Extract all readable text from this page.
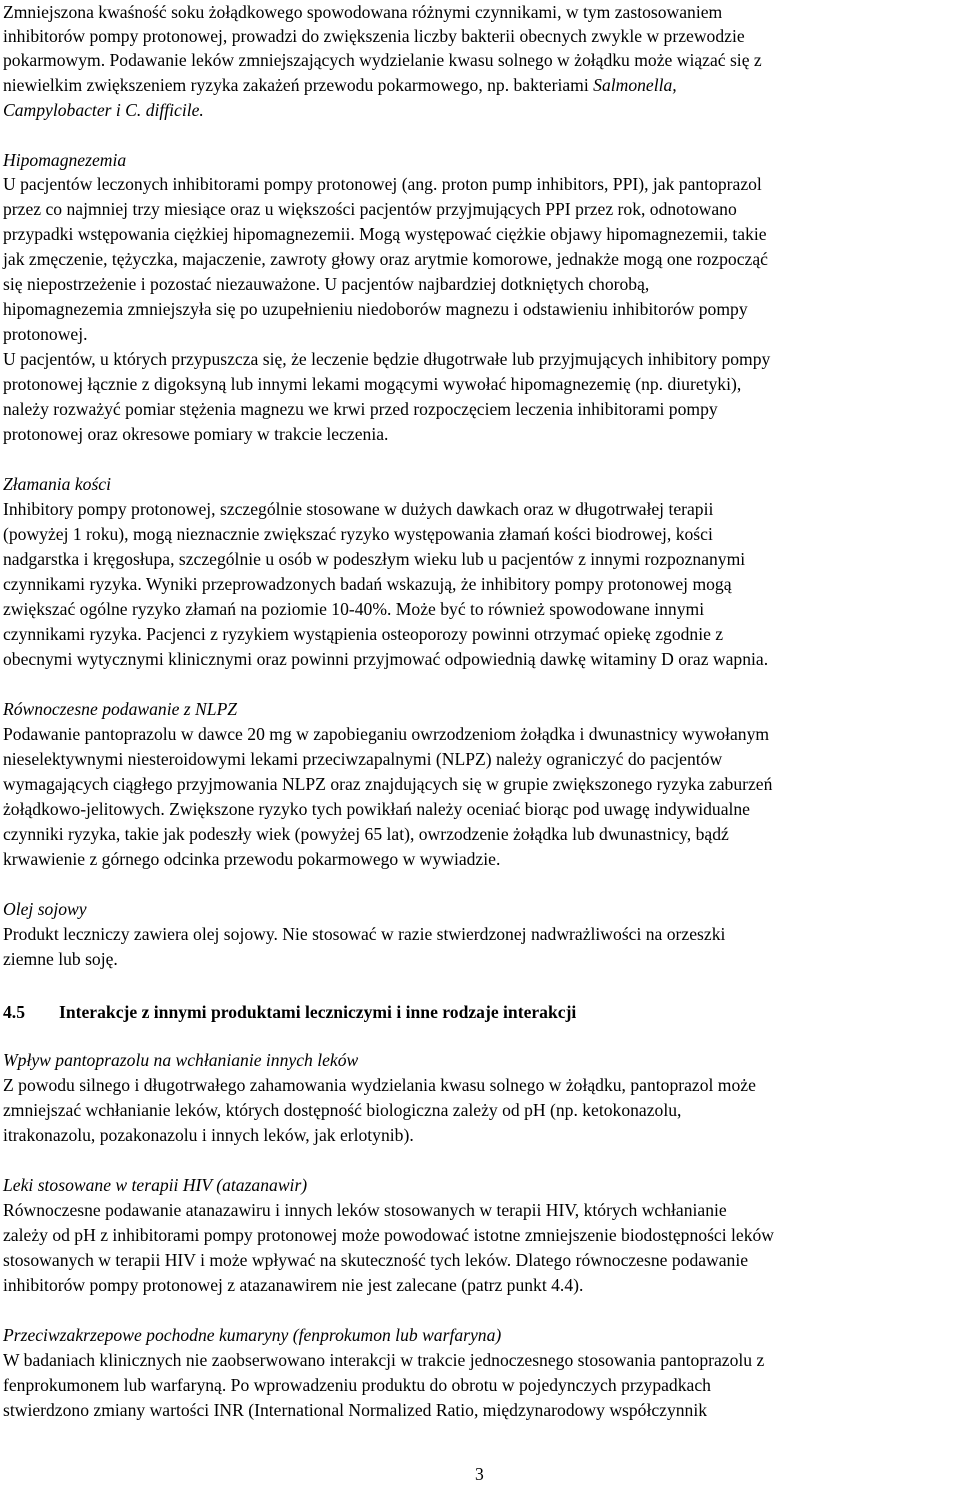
Zmniejszona kwaśność soku żołądkowego spowodowana różnymi czynnikami, w tym zastosowaniem
inhibitorów pompy protonowej, prowadzi do zwiększenia liczby bakterii obecnych zwykle w przewodzie
pokarmowym. Podawanie leków zmniejszających wydzielanie kwasu solnego w żołądku może wiązać się z
niewielkim zwiększeniem ryzyka zakażeń przewodu pokarmowego, np. bakteriami Salmonella,
Campylobacter i C. difficile.
Hipomagnezemia
U pacjentów leczonych inhibitorami pompy protonowej (ang. proton pump inhibitors, PPI), jak pantoprazol
przez co najmniej trzy miesiące oraz u większości pacjentów przyjmujących PPI przez rok, odnotowano
przypadki wstępowania ciężkiej hipomagnezemii. Mogą występować ciężkie objawy hipomagnezemii, takie
jak zmęczenie, tężyczka, majaczenie, zawroty głowy oraz arytmie komorowe, jednakże mogą one rozpocząć
się niepostrzeżenie i pozostać niezauważone. U pacjentów najbardziej dotkniętych chorobą,
hipomagnezemia zmniejszyła się po uzupełnieniu niedoborów magnezu i odstawieniu inhibitorów pompy
protonowej.
U pacjentów, u których przypuszcza się, że leczenie będzie długotrwałe lub przyjmujących inhibitory pompy
protonowej łącznie z digoksyną lub innymi lekami mogącymi wywołać hipomagnezemię (np. diuretyki),
należy rozważyć pomiar stężenia magnezu we krwi przed rozpoczęciem leczenia inhibitorami pompy
protonowej oraz okresowe pomiary w trakcie leczenia.
Złamania kości
Inhibitory pompy protonowej, szczególnie stosowane w dużych dawkach oraz w długotrwałej terapii
(powyżej 1 roku), mogą nieznacznie zwiększać ryzyko występowania złamań kości biodrowej, kości
nadgarstka i kręgosłupa, szczególnie u osób w podeszłym wieku lub u pacjentów z innymi rozpoznanymi
czynnikami ryzyka. Wyniki przeprowadzonych badań wskazują, że inhibitory pompy protonowej mogą
zwiększać ogólne ryzyko złamań na poziomie 10-40%. Może być to również spowodowane innymi
czynnikami ryzyka. Pacjenci z ryzykiem wystąpienia osteoporozy powinni otrzymać opiekę zgodnie z
obecnymi wytycznymi klinicznymi oraz powinni przyjmować odpowiednią dawkę witaminy D oraz wapnia.
Równoczesne podawanie z NLPZ
Podawanie pantoprazolu w dawce 20 mg w zapobieganiu owrzodzeniom żołądka i dwunastnicy wywołanym
nieselektywnymi niesteroidowymi lekami przeciwzapalnymi (NLPZ) należy ograniczyć do pacjentów
wymagających ciągłego przyjmowania NLPZ oraz znajdujących się w grupie zwiększonego ryzyka zaburzeń
żołądkowo-jelitowych. Zwiększone ryzyko tych powikłań należy oceniać biorąc pod uwagę indywidualne
czynniki ryzyka, takie jak podeszły wiek (powyżej 65 lat), owrzodzenie żołądka lub dwunastnicy, bądź
krwawienie z górnego odcinka przewodu pokarmowego w wywiadzie.
Olej sojowy
Produkt leczniczy zawiera olej sojowy. Nie stosować w razie stwierdzonej nadwrażliwości na orzeszki
ziemne lub soję.
4.5 Interakcje z innymi produktami leczniczymi i inne rodzaje interakcji
Wpływ pantoprazolu na wchłanianie innych leków
Z powodu silnego i długotrwałego zahamowania wydzielania kwasu solnego w żołądku, pantoprazol może
zmniejszać wchłanianie leków, których dostępność biologiczna zależy od pH (np. ketokonazolu,
itrakonazolu, pozakonazolu i innych leków, jak erlotynib).
Leki stosowane w terapii HIV (atazanawir)
Równoczesne podawanie atanazawiru i innych leków stosowanych w terapii HIV, których wchłanianie
zależy od pH z inhibitorami pompy protonowej może powodować istotne zmniejszenie biodostępności leków
stosowanych w terapii HIV i może wpływać na skuteczność tych leków. Dlatego równoczesne podawanie
inhibitorów pompy protonowej z atazanawirem nie jest zalecane (patrz punkt 4.4).
Przeciwzakrzepowe pochodne kumaryny (fenprokumon lub warfaryna)
W badaniach klinicznych nie zaobserwowano interakcji w trakcie jednoczesnego stosowania pantoprazolu z
fenprokumonem lub warfaryną. Po wprowadzeniu produktu do obrotu w pojedynczych przypadkach
stwierdzono zmiany wartości INR (International Normalized Ratio, międzynarodowy współczynnik
3
